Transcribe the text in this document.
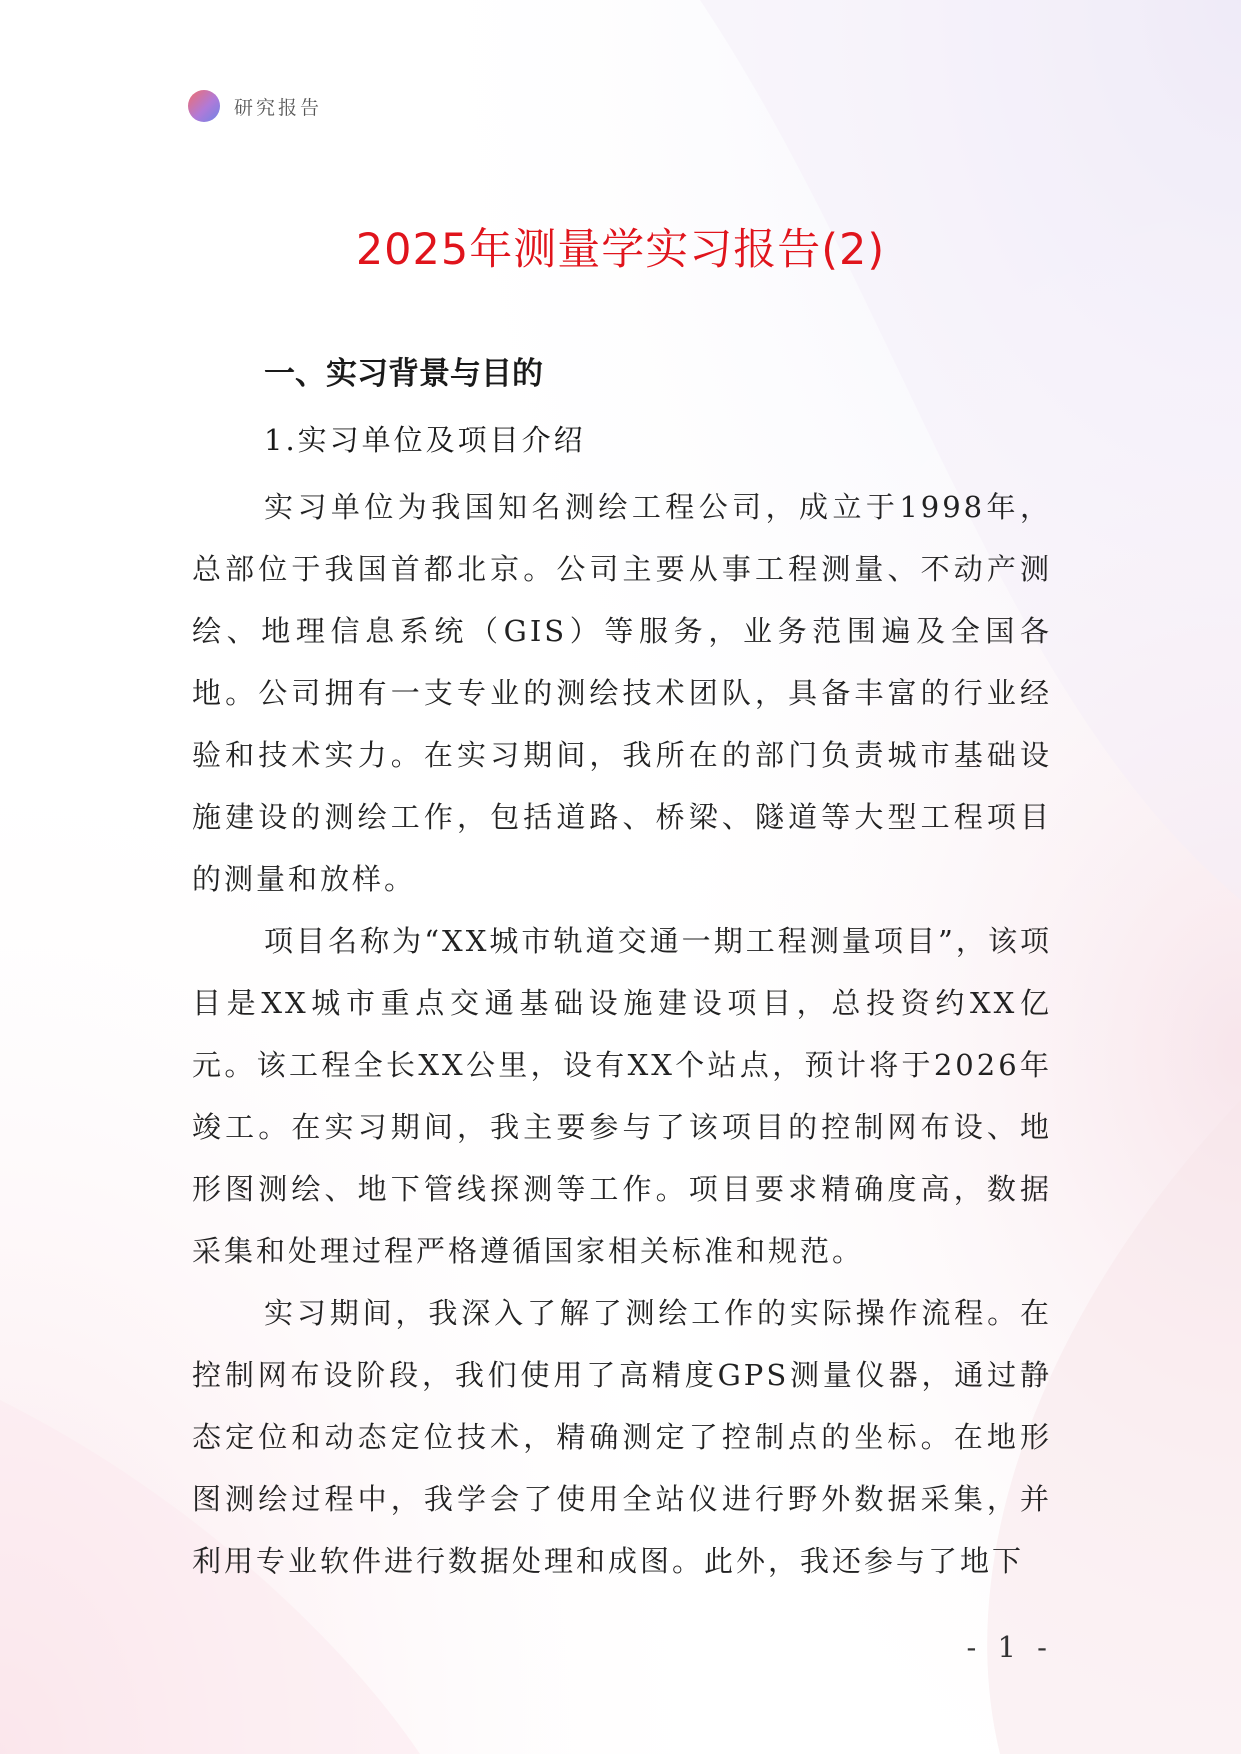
研究报告
2025年测量学实习报告(2)
一、实习背景与目的
1.实习单位及项目介绍

实习单位为我国知名测绘工程公司，成立于1998年，总部位于我国首都北京。公司主要从事工程测量、不动产测绘、地理信息系统（GIS）等服务，业务范围遍及全国各地。公司拥有一支专业的测绘技术团队，具备丰富的行业经验和技术实力。在实习期间，我所在的部门负责城市基础设施建设的测绘工作，包括道路、桥梁、隧道等大型工程项目的测量和放样。

项目名称为“XX城市轨道交通一期工程测量项目”，该项目是XX城市重点交通基础设施建设项目，总投资约XX亿元。该工程全长XX公里，设有XX个站点，预计将于2026年竣工。在实习期间，我主要参与了该项目的控制网布设、地形图测绘、地下管线探测等工作。项目要求精确度高，数据采集和处理过程严格遵循国家相关标准和规范。

实习期间，我深入了解了测绘工作的实际操作流程。在控制网布设阶段，我们使用了高精度GPS测量仪器，通过静态定位和动态定位技术，精确测定了控制点的坐标。在地形图测绘过程中，我学会了使用全站仪进行野外数据采集，并利用专业软件进行数据处理和成图。此外，我还参与了地下

- 1 -
